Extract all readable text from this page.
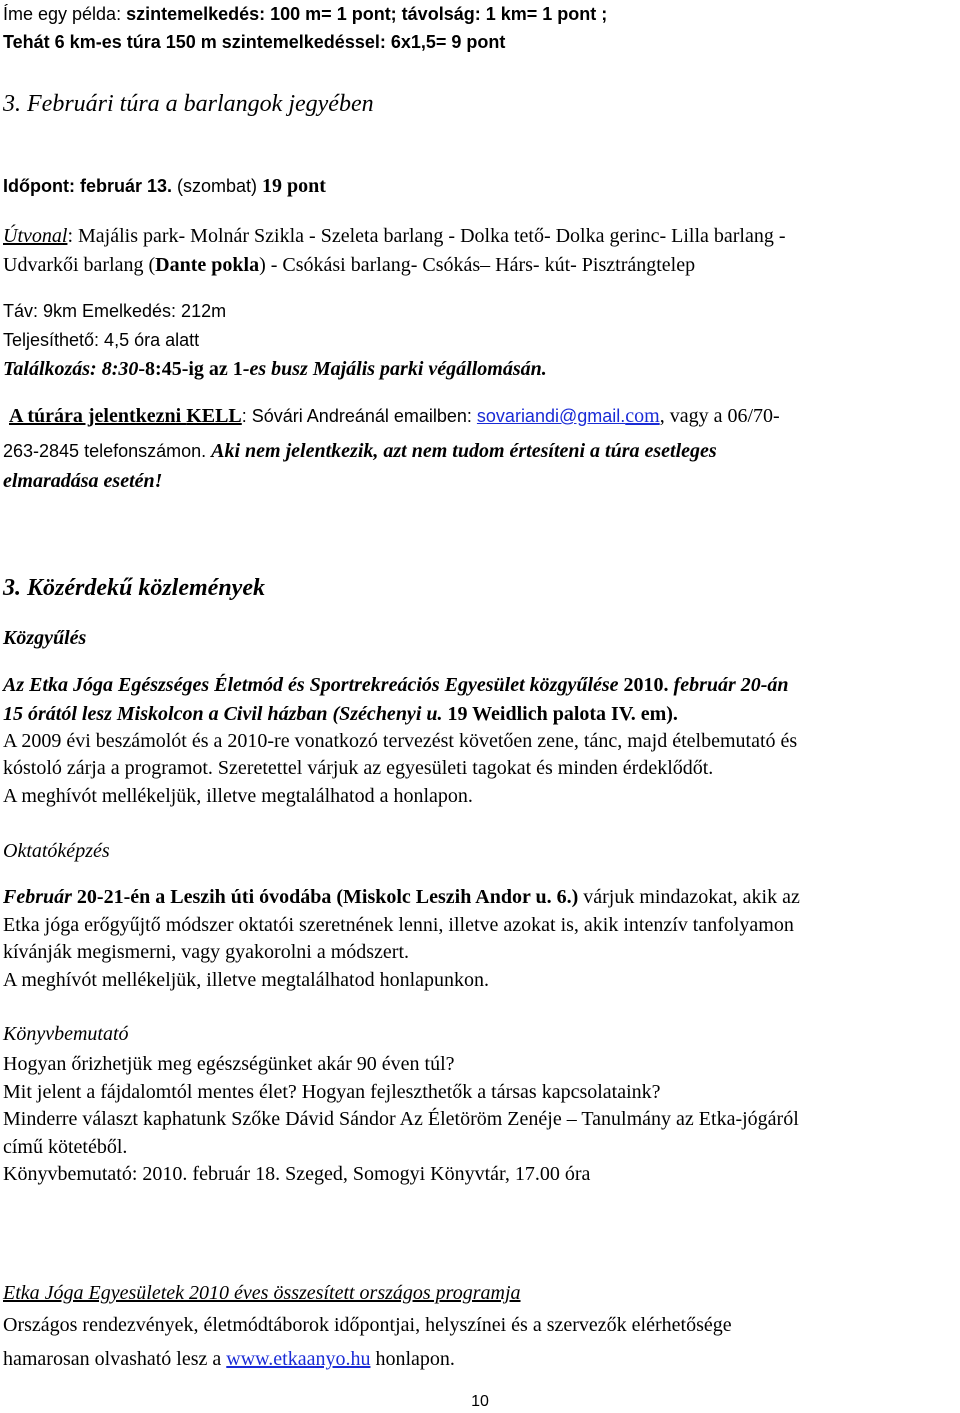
Íme egy példa: szintemelkedés: 100 m= 1 pont; távolság: 1 km= 1 pont ;
Tehát 6 km-es túra 150 m szintemelkedéssel: 6x1,5= 9 pont
3. Februári túra a barlangok jegyében
Időpont: február 13. (szombat) 19 pont
Útvonal: Majális park- Molnár Szikla - Szeleta barlang - Dolka tető- Dolka gerinc- Lilla barlang -
Udvarkői barlang (Dante pokla) - Csókási barlang- Csókás– Hárs- kút- Pisztrángtelep
Táv: 9km Emelkedés: 212m
Teljesíthető: 4,5 óra alatt
Találkozás: 8:30-8:45-ig az 1-es busz Majális parki végállomásán.
A túrára jelentkezni KELL: Sóvári Andreánál emailben: sovariandi@gmail.com, vagy a 06/70-
263-2845 telefonszámon. Aki nem jelentkezik, azt nem tudom értesíteni a túra esetleges
elmaradása esetén!
3. Közérdekű közlemények
Közgyűlés
Az Etka Jóga Egészséges Életmód és Sportrekreációs Egyesület közgyűlése 2010. február 20-án
15 órától lesz Miskolcon a Civil házban (Széchenyi u. 19 Weidlich palota IV. em).
A 2009 évi beszámolót és a 2010-re vonatkozó tervezést követően zene, tánc, majd ételbemutató és
kóstoló zárja a programot. Szeretettel várjuk az egyesületi tagokat és minden érdeklődőt.
A meghívót mellékeljük, illetve megtalálhatod a honlapon.
Oktatóképzés
Február 20-21-én a Leszih úti óvodába (Miskolc Leszih Andor u. 6.) várjuk mindazokat, akik az
Etka jóga erőgyűjtő módszer oktatói szeretnének lenni, illetve azokat is, akik intenzív tanfolyamon
kívánják megismerni, vagy gyakorolni a módszert.
A meghívót mellékeljük, illetve megtalálhatod honlapunkon.
Könyvbemutató
Hogyan őrizhetjük meg egészségünket akár 90 éven túl?
Mit jelent a fájdalomtól mentes élet? Hogyan fejleszthetők a társas kapcsolataink?
Minderre választ kaphatunk Szőke Dávid Sándor Az Életöröm Zenéje – Tanulmány az Etka-jógáról
című kötetéből.
Könyvbemutató: 2010. február 18. Szeged, Somogyi Könyvtár, 17.00 óra
Etka Jóga Egyesületek 2010 éves összesített országos programja
Országos rendezvények, életmódtáborok időpontjai, helyszínei és a szervezők elérhetősége
hamarosan olvasható lesz a www.etkaanyo.hu honlapon.
10
